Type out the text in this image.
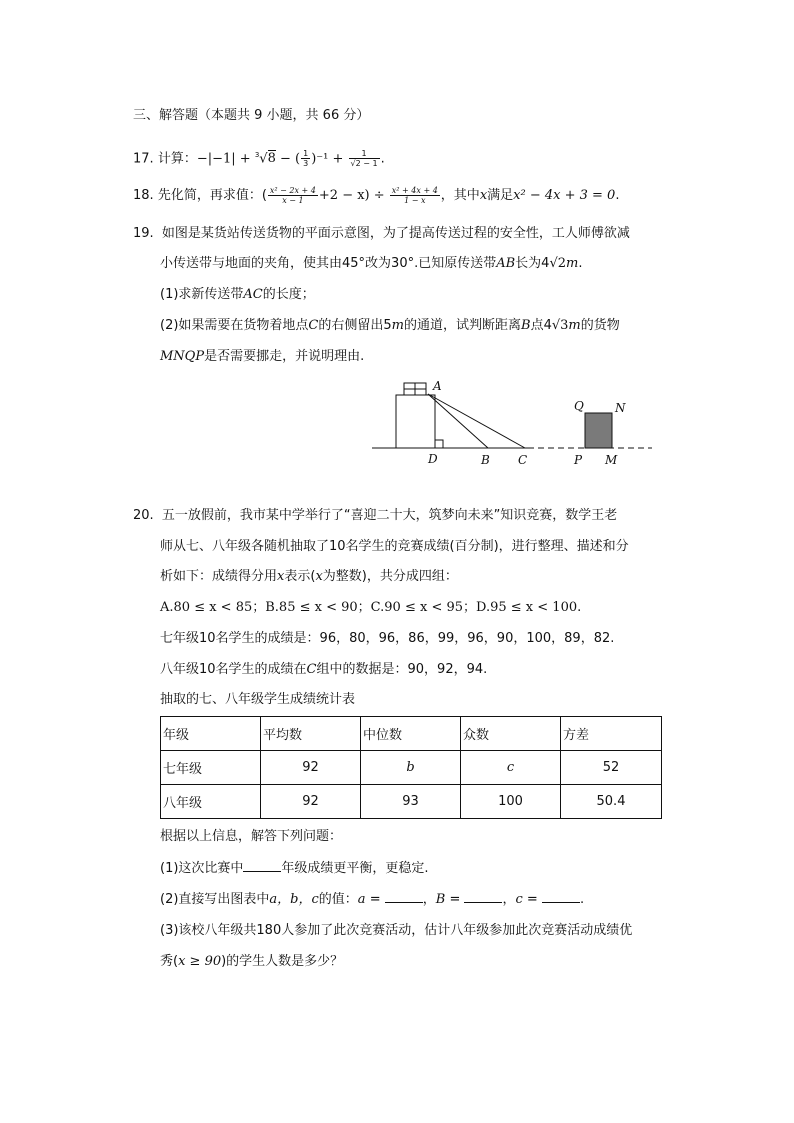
三、解答题（本题共 9 小题，共 66 分）
17. 计算：−|−1| + $^3$√8 − ( $\frac{1}{3} )^{-1} + \frac{1}{√2 - 1}$ .
18. 先化简，再求值：( $\frac{\text{x² − 2x + 4}}{x - 1} +2 - x) \div \frac{\text{x² + 4x + 4}}{1 - x}$ ，其中x满足x² − 4x + 3 = 0.
19. 如图是某货站传送货物的平面示意图，为了提高传送过程的安全性，工人师傅欲减
小传送带与地面的夹角，使其由45°改为30°.已知原传送带AB长为4√2m.
(1)求新传送带AC的长度；
(2)如果需要在货物着地点C的右侧留出5m的通道，试判断距离B点4√3m的货物
MNQP是否需要挪走，并说明理由.
A
D	B C	P M
Q	N
20. 五一放假前，我市某中学举行了“喜迎二十大，筑梦向未来”知识竞赛，数学王老
师从七、八年级各随机抽取了10名学生的竞赛成绩(百分制)，进行整理、描述和分
析如下：成绩得分用x表示(x为整数)，共分成四组：
A.80 ≤ x < 85；B.85 ≤ x < 90；C.90 ≤ x < 95；D.95 ≤ x < 100.
七年级10名学生的成绩是：96，80，96，86，99，96，90，100，89，82.
八年级10名学生的成绩在C组中的数据是：90，92，94.
抽取的七、八年级学生成绩统计表
年级	平均数	中位数	众数	方差
七年级	92	b	c	52
八年级	92	93	100	50.4
根据以上信息，解答下列问题：
(1)这次比赛中	年级成绩更平衡，更稳定.
(2)直接写出图表中a，b，c的值：a =	，B =	，c =	.
(3)该校八年级共180人参加了此次竞赛活动，估计八年级参加此次竞赛活动成绩优
秀(x ≥ 90)的学生人数是多少？
